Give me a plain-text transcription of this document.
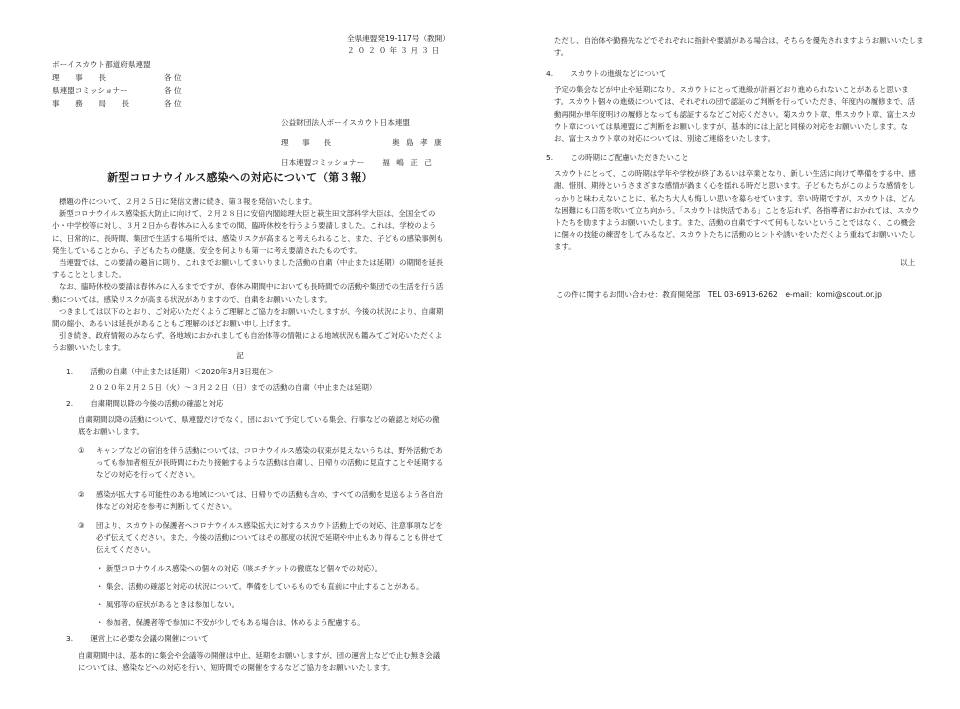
全県連盟発19-117号（教開）
２０２０年３月３日
ボーイスカウト都道府県連盟
理　事　長	各 位
県連盟コミッショナー	各 位
事　務　局　長	各 位
公益財団法人ボーイスカウト日本連盟
理　事　長	奥 島 孝 康
日本連盟コミッショナー 福 嶋 正 己
新型コロナウイルス感染への対応について（第３報）
標題の件について、２月２５日に発信文書に続き、第３報を発信いたします。
新型コロナウイルス感染拡大防止に向けて、２月２８日に安倍内閣総理大臣と萩生田文部科学大臣は、全国全ての小・中学校等に対し、３月２日から春休みに入るまでの間、臨時休校を行うよう要請しました。これは、学校のように、日常的に、長時間、集団で生活する場所では、感染リスクが高まると考えられること、また、子どもの感染事例も発生していることから、子どもたちの健康、安全を何よりも第一に考え要請されたものです。
当連盟では、この要請の趣旨に則り、これまでお願いしてまいりました活動の自粛（中止または延期）の期間を延長することとしました。
なお、臨時休校の要請は春休みに入るまでですが、春休み期間中においても長時間での活動や集団での生活を行う活動については、感染リスクが高まる状況がありますので、自粛をお願いいたします。
つきましては以下のとおり、ご対応いただくようご理解とご協力をお願いいたしますが、今後の状況により、自粛期間の縮小、あるいは延長があることもご理解のほどお願い申し上げます。
引き続き、政府情報のみならず、各地域におかれましても自治体等の情報による地域状況も鑑みてご対応いただくようお願いいたします。
記
1. 活動の自粛（中止または延期）＜2020年3月3日現在＞
２０２０年２月２５日（火）～３月２２日（日）までの活動の自粛（中止または延期）
2. 自粛期間以降の今後の活動の確認と対応
自粛期間以降の活動について、県連盟だけでなく、団において予定している集会、行事などの確認と対応の徹底をお願いします。
①	キャンプなどの宿泊を伴う活動については、コロナウイルス感染の収束が見えないうちは、野外活動であっても参加者相互が長時間にわたり接触するような活動は自粛し、日帰りの活動に見直すことや延期するなどの対応を行ってください。
②	感染が拡大する可能性のある地域については、日帰りでの活動も含め、すべての活動を見送るよう各自治体などの対応を参考に判断してください。
③	団より、スカウトの保護者へコロナウイルス感染拡大に対するスカウト活動上での対応、注意事項などを必ず伝えてください。また、今後の活動についてはその都度の状況で延期や中止もあり得ることも併せて伝えてください。
・ 新型コロナウイルス感染への個々の対応（咳エチケットの徹底など個々での対応）。
・ 集会、活動の確認と対応の状況について。準備をしているものでも直前に中止することがある。
・ 風邪等の症状があるときは参加しない。
・ 参加者、保護者等で参加に不安が少しでもある場合は、休めるよう配慮する。
3. 運営上に必要な会議の開催について
自粛期間中は、基本的に集会や会議等の開催は中止、延期をお願いしますが、団の運営上などで止む無き会議については、感染などへの対応を行い、短時間での開催をするなどご協力をお願いいたします。
ただし、自治体や勤務先などでそれぞれに指針や要請がある場合は、そちらを優先されますようお願いいたします。
4. スカウトの進級などについて
予定の集会などが中止や延期になり、スカウトにとって進級が計画どおり進められないことがあると思います。スカウト個々の進級については、それぞれの団で認証のご判断を行っていただき、年度内の履修まで、活動再開か単年度明けの履修となっても認証するなどご対応ください。菊スカウト章、隼スカウト章、富士スカウト章については県連盟にご判断をお願いしますが、基本的には上記と同様の対応をお願いいたします。なお、富士スカウト章の対応については、別途ご連絡をいたします。
5. この時期にご配慮いただきたいこと
スカウトにとって、この時期は学年や学校が終了あるいは卒業となり、新しい生活に向けて準備をする中、感謝、惜別、期待というさまざまな感情が渦まく心を揺れる時だと思います。子どもたちがこのような感情をしっかりと味わえないことに、私たち大人も悔しい思いを募らせています。幸い時期ですが、スカウトは、どんな困難にも口笛を吹いて立ち向かう、「スカウトは快活である」ことを忘れず、各指導者におかれては、スカウトたちを励ますようお願いいたします。また、活動の自粛ですべて何もしないということではなく、この機会に個々の技能の練習をしてみるなど、スカウトたちに活動のヒントや誘いをいただくよう重ねてお願いいたします。
以上
この件に関するお問い合わせ：教育開発部　TEL 03-6913-6262　e-mail：komi@scout.or.jp
